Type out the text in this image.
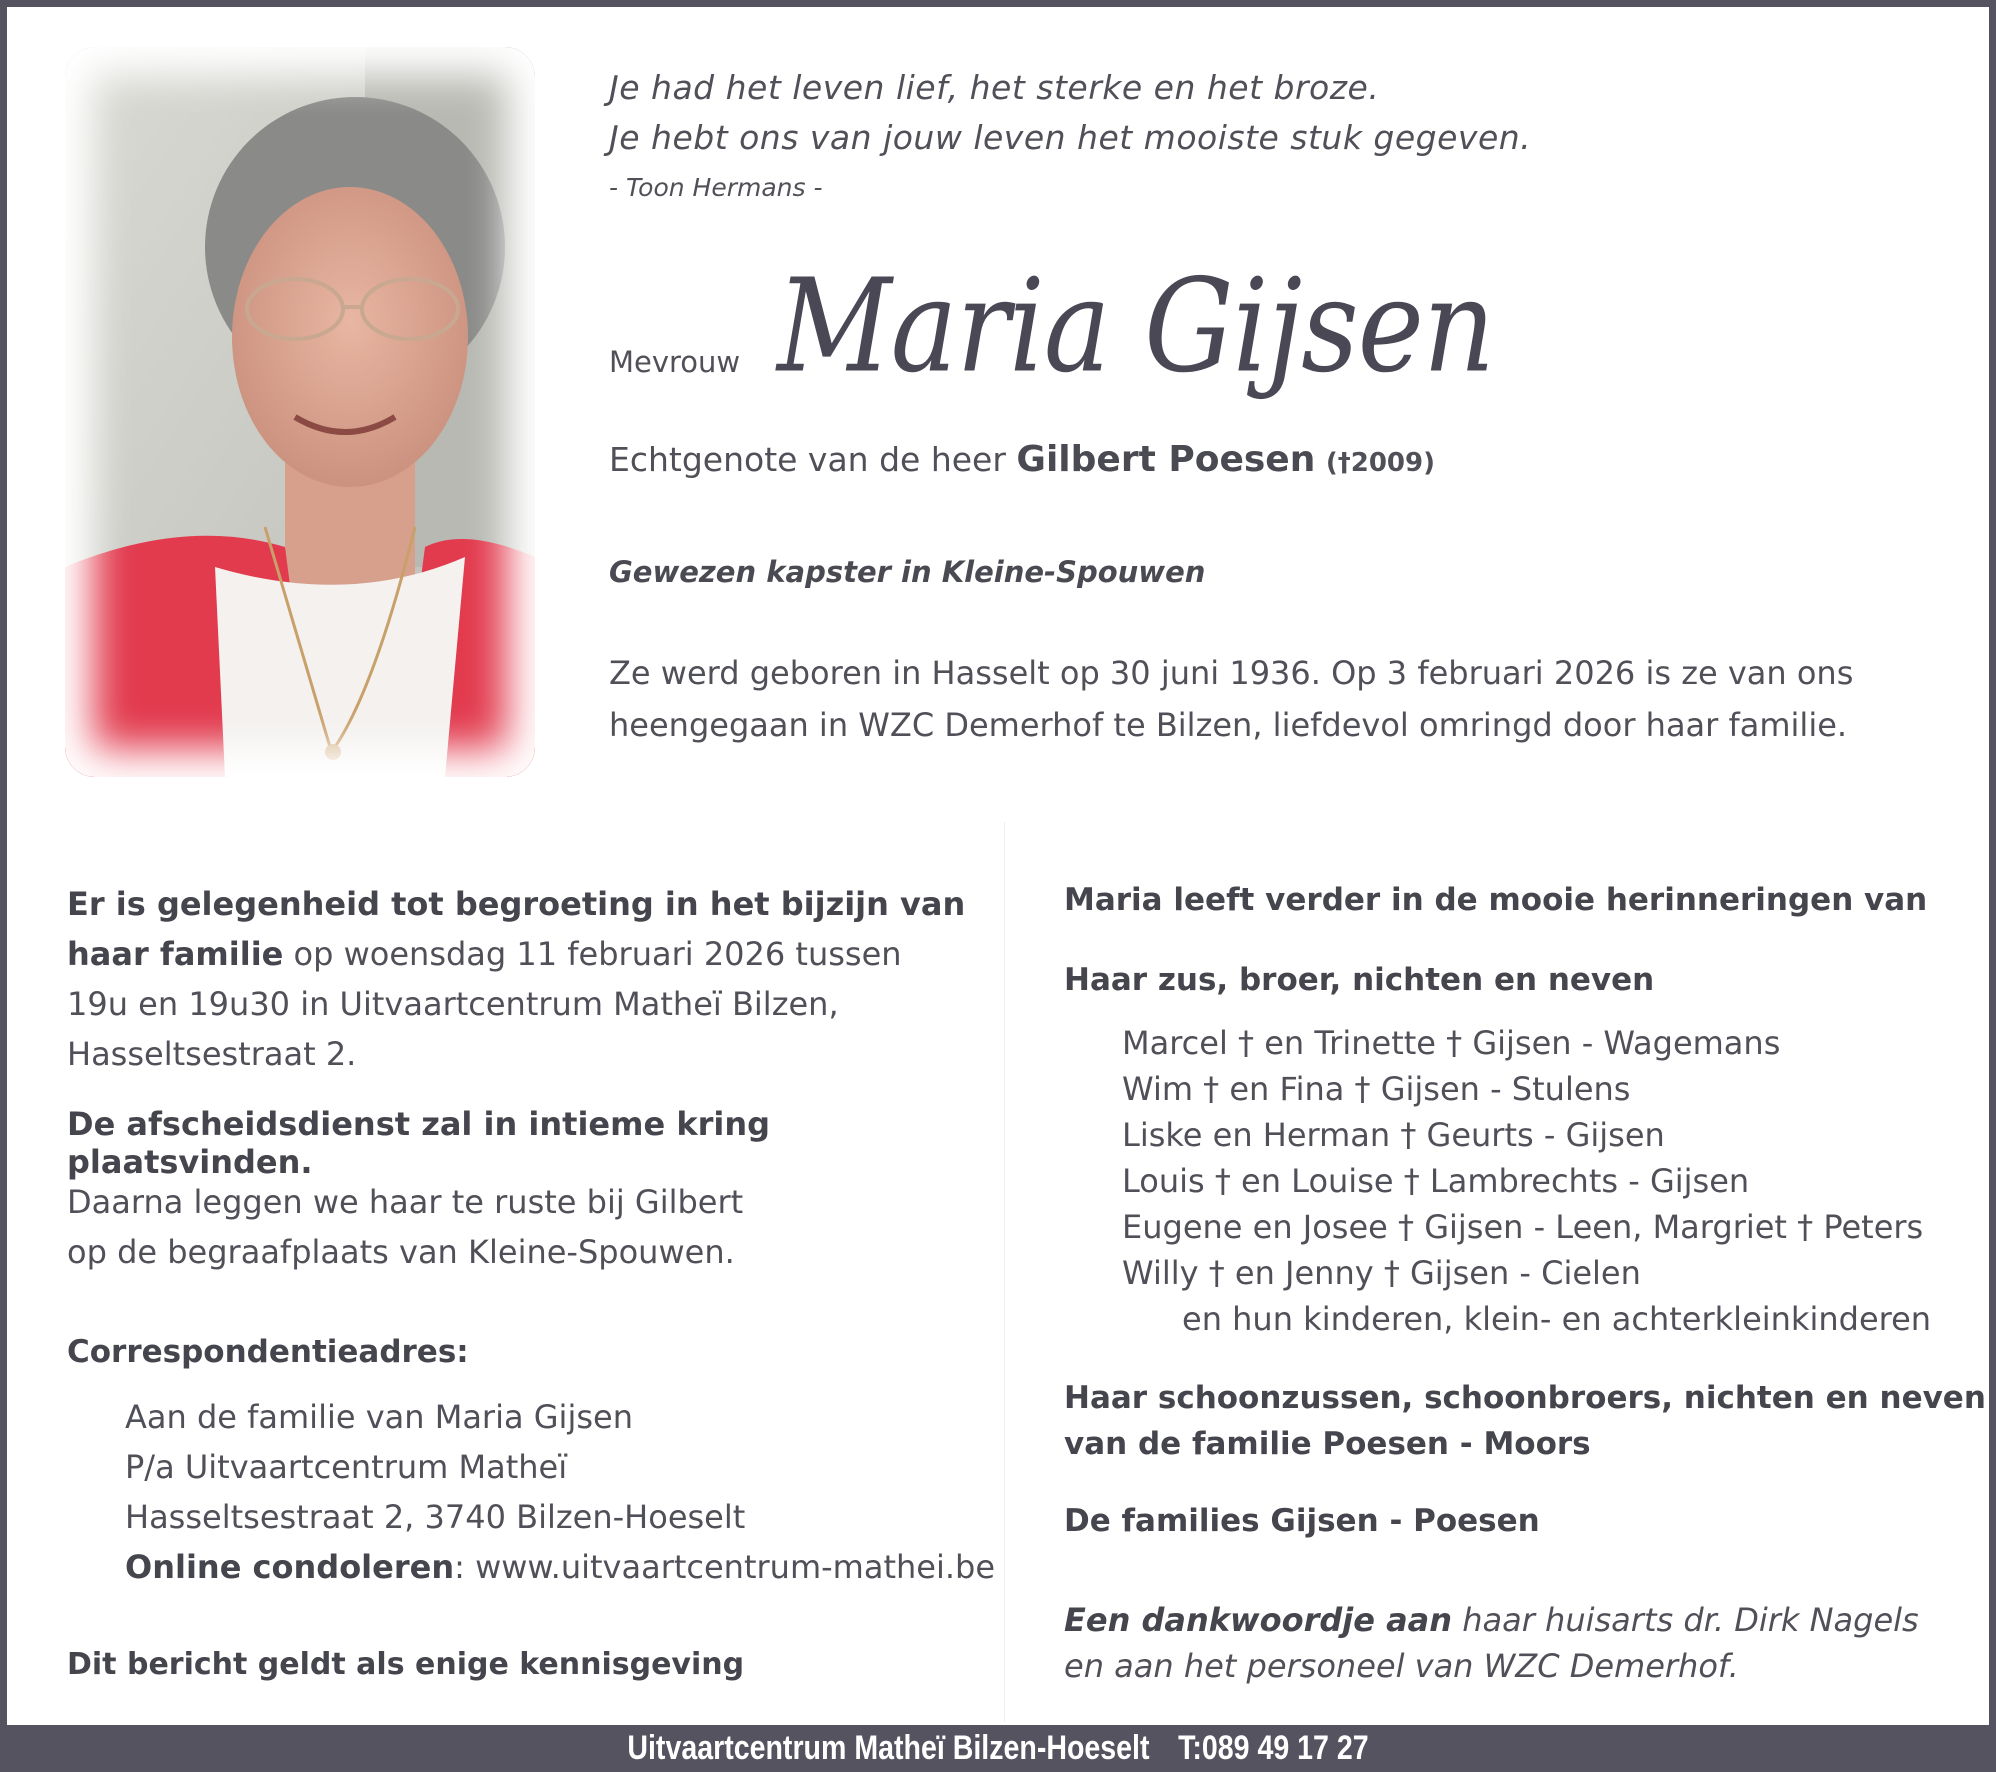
Je had het leven lief, het sterke en het broze.
Je hebt ons van jouw leven het mooiste stuk gegeven.
- Toon Hermans -
Mevrouw Maria Gijsen
Echtgenote van de heer Gilbert Poesen (†2009)
Gewezen kapster in Kleine-Spouwen
Ze werd geboren in Hasselt op 30 juni 1936. Op 3 februari 2026 is ze van ons
heengegaan in WZC Demerhof te Bilzen, liefdevol omringd door haar familie.
Er is gelegenheid tot begroeting in het bijzijn van
haar familie op woensdag 11 februari 2026 tussen
19u en 19u30 in Uitvaartcentrum Matheï Bilzen,
Hasseltsestraat 2.
De afscheidsdienst zal in intieme kring plaatsvinden.
Daarna leggen we haar te ruste bij Gilbert
op de begraafplaats van Kleine-Spouwen.
Correspondentieadres:
Aan de familie van Maria Gijsen
P/a Uitvaartcentrum Matheï
Hasseltsestraat 2, 3740 Bilzen-Hoeselt
Online condoleren: www.uitvaartcentrum-mathei.be
Dit bericht geldt als enige kennisgeving
Maria leeft verder in de mooie herinneringen van
Haar zus, broer, nichten en neven
Marcel † en Trinette † Gijsen - Wagemans
Wim † en Fina † Gijsen - Stulens
Liske en Herman † Geurts - Gijsen
Louis † en Louise † Lambrechts - Gijsen
Eugene en Josee † Gijsen - Leen, Margriet † Peters
Willy † en Jenny † Gijsen - Cielen
en hun kinderen, klein- en achterkleinkinderen
Haar schoonzussen, schoonbroers, nichten en neven
van de familie Poesen - Moors
De families Gijsen - Poesen
Een dankwoordje aan haar huisarts dr. Dirk Nagels
en aan het personeel van WZC Demerhof.
Uitvaartcentrum Matheï Bilzen-Hoeselt T:089 49 17 27
